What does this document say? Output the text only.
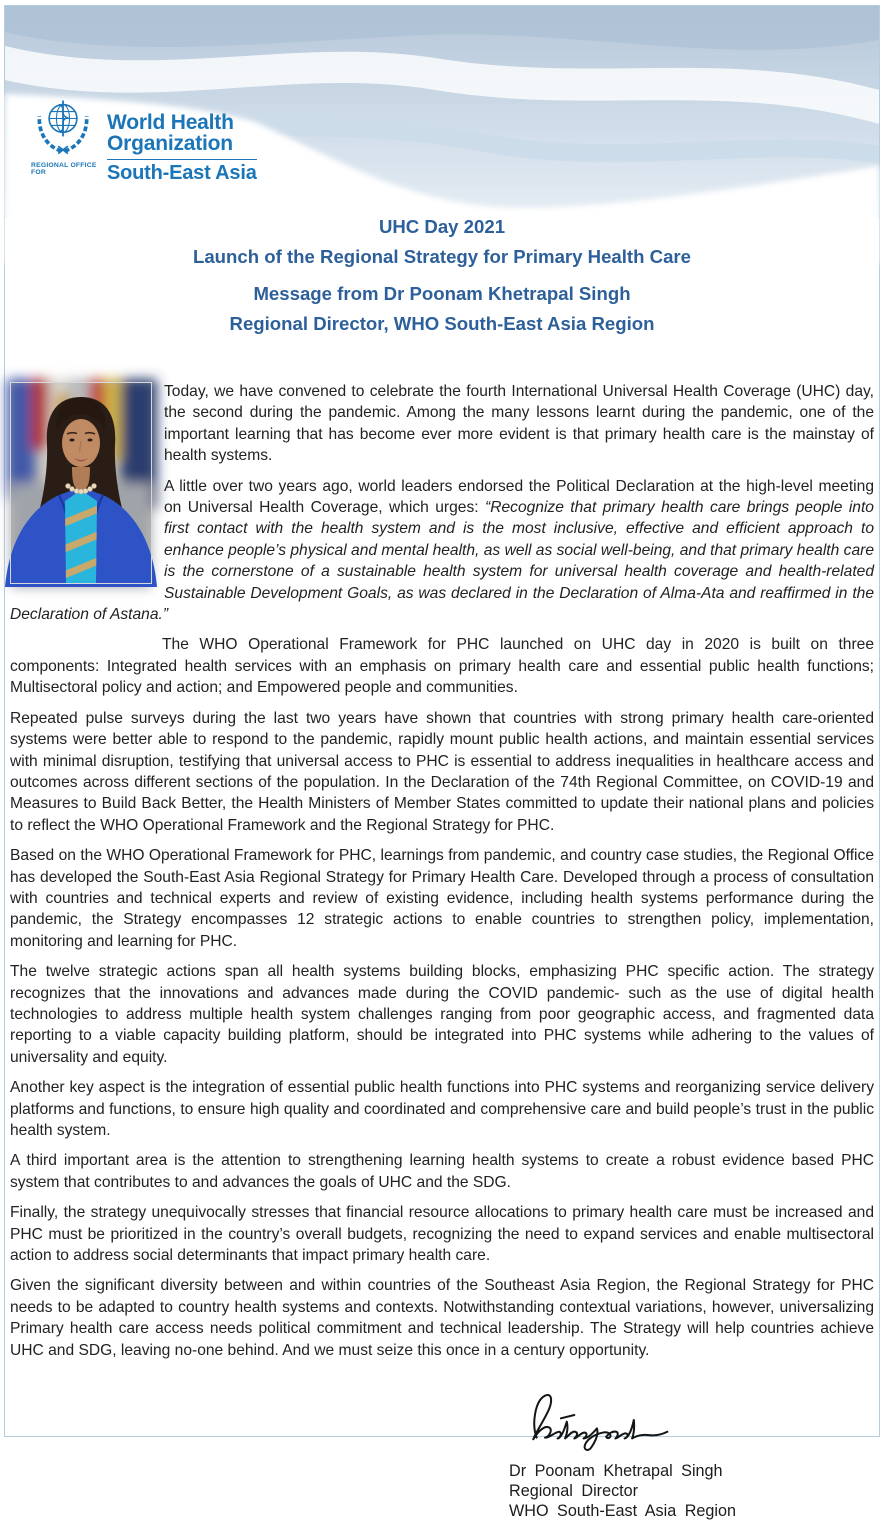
World Health
Organization
REGIONAL OFFICE FOR	South-East Asia
UHC Day 2021
Launch of the Regional Strategy for Primary Health Care
Message from Dr Poonam Khetrapal Singh
Regional Director, WHO South-East Asia Region

Today, we have convened to celebrate the fourth International Universal Health Coverage (UHC) day, the second during the pandemic. Among the many lessons learnt during the pandemic, one of the important learning that has become ever more evident is that primary health care is the mainstay of health systems.

A little over two years ago, world leaders endorsed the Political Declaration at the high-level meeting on Universal Health Coverage, which urges: “Recognize that primary health care brings people into first contact with the health system and is the most inclusive, effective and efficient approach to enhance people’s physical and mental health, as well as social well-being, and that primary health care is the cornerstone of a sustainable health system for universal health coverage and health-related Sustainable Development Goals, as was declared in the Declaration of Alma-Ata and reaffirmed in the Declaration of Astana.”

The WHO Operational Framework for PHC launched on UHC day in 2020 is built on three components: Integrated health services with an emphasis on primary health care and essential public health functions; Multisectoral policy and action; and Empowered people and communities.

Repeated pulse surveys during the last two years have shown that countries with strong primary health care-oriented systems were better able to respond to the pandemic, rapidly mount public health actions, and maintain essential services with minimal disruption, testifying that universal access to PHC is essential to address inequalities in healthcare access and outcomes across different sections of the population. In the Declaration of the 74th Regional Committee, on COVID-19 and Measures to Build Back Better, the Health Ministers of Member States committed to update their national plans and policies to reflect the WHO Operational Framework and the Regional Strategy for PHC.

Based on the WHO Operational Framework for PHC, learnings from pandemic, and country case studies, the Regional Office has developed the South-East Asia Regional Strategy for Primary Health Care. Developed through a process of consultation with countries and technical experts and review of existing evidence, including health systems performance during the pandemic, the Strategy encompasses 12 strategic actions to enable countries to strengthen policy, implementation, monitoring and learning for PHC.

The twelve strategic actions span all health systems building blocks, emphasizing PHC specific action. The strategy recognizes that the innovations and advances made during the COVID pandemic- such as the use of digital health technologies to address multiple health system challenges ranging from poor geographic access, and fragmented data reporting to a viable capacity building platform, should be integrated into PHC systems while adhering to the values of universality and equity.

Another key aspect is the integration of essential public health functions into PHC systems and reorganizing service delivery platforms and functions, to ensure high quality and coordinated and comprehensive care and build people’s trust in the public health system.

A third important area is the attention to strengthening learning health systems to create a robust evidence based PHC system that contributes to and advances the goals of UHC and the SDG.

Finally, the strategy unequivocally stresses that financial resource allocations to primary health care must be increased and PHC must be prioritized in the country’s overall budgets, recognizing the need to expand services and enable multisectoral action to address social determinants that impact primary health care.

Given the significant diversity between and within countries of the Southeast Asia Region, the Regional Strategy for PHC needs to be adapted to country health systems and contexts. Notwithstanding contextual variations, however, universalizing Primary health care access needs political commitment and technical leadership. The Strategy will help countries achieve UHC and SDG, leaving no-one behind. And we must seize this once in a century opportunity.

Dr Poonam Khetrapal Singh
Regional Director
WHO South-East Asia Region
